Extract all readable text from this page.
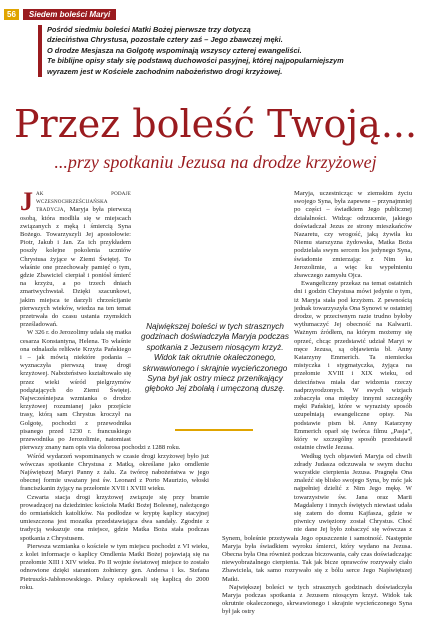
56	Siedem boleści Maryi

Pośród siedmiu boleści Matki Bożej pierwsze trzy dotyczą

dzieciństwa Chrystusa, pozostałe cztery zaś – Jego zbawczej męki.

O drodze Mesjasza na Golgotę wspominają wszyscy czterej ewangeliści.

Te biblijne opisy stały się podstawą duchowości pasyjnej, której najpopularniejszym

wyrazem jest w Kościele zachodnim nabożeństwo drogi krzyżowej.

Przez boleść Twoją...
...przy spotkaniu Jezusa na drodze krzyżowej

Jak podaje wczesnochrześcijańska tradycja, Maryja była pierwszą osobą, która modliła się w miejscach związanych z męką i śmiercią Syna Bożego. Towarzyszyli Jej apostołowie: Piotr, Jakub i Jan. Za ich przykładem poszły kolejne pokolenia uczniów Chrystusa żyjące w Ziemi Świętej. To właśnie one przechowały pamięć o tym, gdzie Zbawiciel cierpiał i poniósł śmierć na krzyżu, a po trzech dniach zmartwychwstał. Dzięki szacunkowi, jakim miejsca te darzyli chrześcijanie pierwszych wieków, wiedza na ten temat przetrwała do czasu ustania rzymskich prześladowań.

W 326 r. do Jerozolimy udała się matka cesarza Konstantyna, Helena. To właśnie ona odnalazła relikwie Krzyża Pańskiego i – jak mówią niektóre podania – wyznaczyła pierwszą trasę drogi krzyżowej. Nabożeństwo kształtowało się przez wieki wśród pielgrzymów podążających do Ziemi Świętej. Najwcześniejsza wzmianka o drodze krzyżowej rozumianej jako przejście trasy, którą sam Chrystus kroczył na Golgotę, pochodzi z przewodnika pisanego przed 1230 r. francuskiego przewodnika po Jerozolimie, natomiast pierwszy znany nam opis via dolorosa pochodzi z 1288 roku.

Wśród wydarzeń wspominanych w czasie drogi krzyżowej było już wówczas spotkanie Chrystusa z Matką, określane jako omdlenie Najświętszej Maryi Panny z żalu. Za twórcę nabożeństwa w jego obecnej formie uważany jest św. Leonard z Porto Maurizio, włoski franciszkanin żyjący na przełomie XVII i XVIII wieku.

Czwarta stacja drogi krzyżowej związuje się przy bramie prowadzącej na dziedziniec kościoła Matki Bożej Bolesnej, należącego do ormiańskich katolików. Na podłodze w kryptę kaplicy stacyjnej umieszczona jest mozaika przedstawiająca dwa sandały. Zgodnie z tradycją wskazuje ona miejsce, gdzie Matka Boża stała podczas spotkania z Chrystusem.

Pierwsza wzmianka o kościele w tym miejscu pochodzi z VI wieku, z kolei informacje o kaplicy Omdlenia Matki Bożej pojawiają się na przełomie XIII i XIV wieku. Po II wojnie światowej miejsce to zostało odnowione dzięki staraniom żołnierzy gen. Andersa i ks. Stefana Pietruszki-Jabłonowskiego. Polacy opiekowali się kaplicą do 2000 roku.

Maryja, uczestnicząc w ziemskim życiu swojego Syna, była zapewne – przynajmniej po części – świadkiem Jego publicznej działalności. Widząc odrzucenie, jakiego doświadczał Jezus ze strony mieszkańców Nazaretu, czy wrogość, jaką żywiła ku Niemu starszyzna żydowska, Matka Boża podzielała swym sercem los jedynego Syna, świadomie zmierzając z Nim ku Jerozolimie, a więc ku wypełnieniu zbawczego zamysłu Ojca.

Ewangeliczny przekaz na temat ostatnich dni i godzin Chrystusa mówi jedynie o tym, iż Maryja stała pod krzyżem. Z pewnością jednak towarzyszyła Ona Synowi w ostatniej drodze, w przeciwnym razie trudno byłoby wytłumaczyć Jej obecność na Kalwarii. Ważnym źródłem, na którym możemy się oprzeć, chcąc przedstawić udział Maryi w męce Jezusa, są objawienia bł. Anny Katarzyny Emmerich. Ta niemiecka mistyczka i stygmatyczka, żyjąca na przełomie XVIII i XIX wieku, od dzieciństwa miała dar widzenia rzeczy nadprzyrodzonych. W swych wizjach zobaczyła ona między innymi szczegóły męki Pańskiej, które w wyrazisty sposób uzupełniają ewangeliczne opisy. Na podstawie pism bł. Anny Katarzyny Emmerich oparł się twórca filmu „Pasja”, który w szczególny sposób przedstawił ostatnie chwile Jezusa.

Według tych objawień Maryja od chwili zdrady Judasza odczuwała w swym duchu wszystkie cierpienia Jezusa. Pragnęła Ona znaleźć się blisko swojego Syna, by móc jak najpełniej dzielić z Nim Jego mękę. W towarzystwie św. Jana oraz Marii Magdaleny i innych świętych niewiast udała się zatem do domu Kajfasza, gdzie w piwnicy uwięziony został Chrystus. Choć nie dane Jej było zobaczyć się wówczas z Synem, boleśnie przeżywała Jego opuszczenie i samotność. Następnie Maryja była świadkiem wyroku śmierci, który wydano na Jezusa. Obecna była Ona również podczas biczowania, cały czas doświadczając niewyobrażalnego cierpienia. Tak jak bicze oprawców rozrywały ciało Zbawiciela, tak samo rozrywało się z bólu serce Jego Najświętszej Matki.

Największej boleści w tych strasznych godzinach doświadczyła Maryja podczas spotkania z Jezusem niosącym krzyż. Widok tak okrutnie okaleczonego, skrwawionego i skrajnie wycieńczonego Syna był jak ostry

Największej boleści w tych strasznych

godzinach doświadczyła Maryja podczas

spotkania z Jezusem niosącym krzyż.

Widok tak okrutnie okaleczonego,

skrwawionego i skrajnie wycieńczonego

Syna był jak ostry miecz przenikający

głęboko Jej zbolałą i umęczoną duszę.
